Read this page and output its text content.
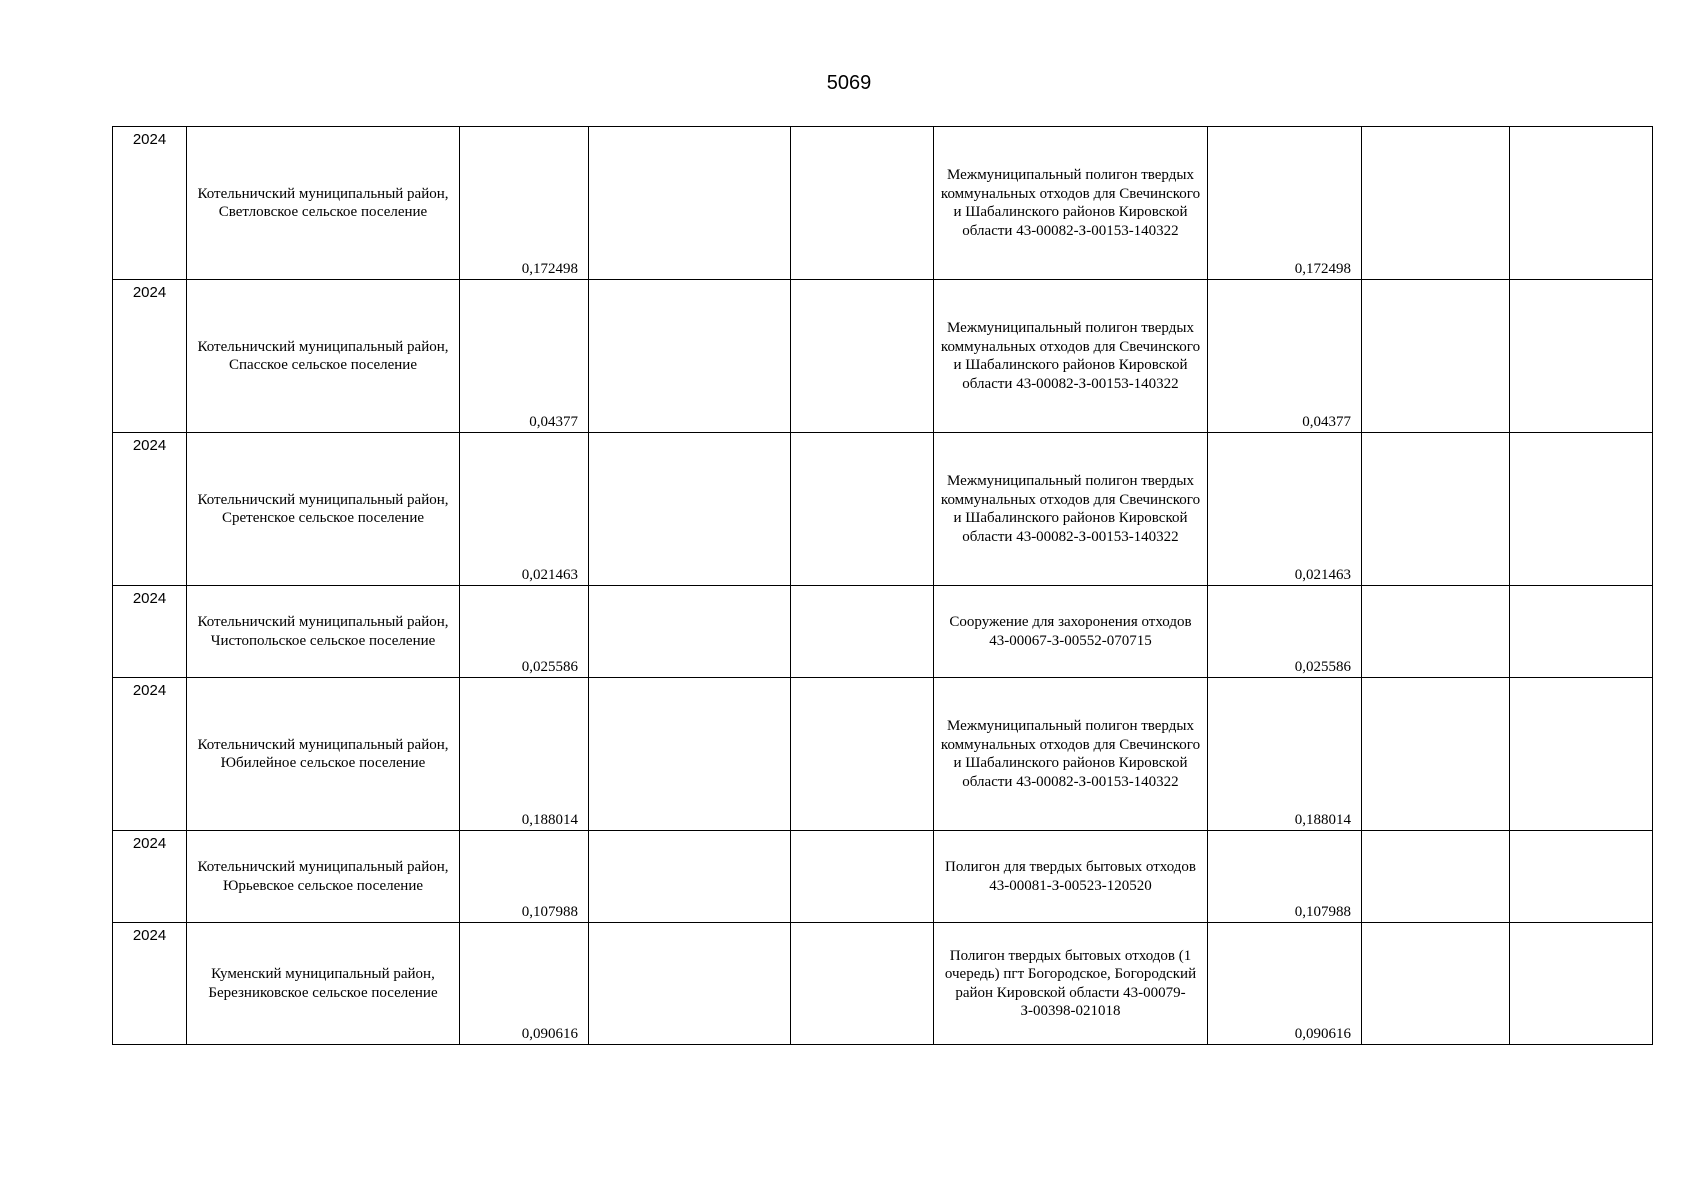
5069
2024	Котельничский муниципальный район, Светловское сельское поселение	0,172498			Межмуниципальный полигон твердых коммунальных отходов для Свечинского и Шабалинского районов Кировской области 43-00082-З-00153-140322	0,172498		

2024	Котельничский муниципальный район, Спасское сельское поселение	0,04377			Межмуниципальный полигон твердых коммунальных отходов для Свечинского и Шабалинского районов Кировской области 43-00082-З-00153-140322	0,04377		

2024	Котельничский муниципальный район, Сретенское сельское поселение	0,021463			Межмуниципальный полигон твердых коммунальных отходов для Свечинского и Шабалинского районов Кировской области 43-00082-З-00153-140322	0,021463		

2024	Котельничский муниципальный район, Чистопольское сельское поселение	0,025586			Сооружение для захоронения отходов 43-00067-З-00552-070715	0,025586		

2024	Котельничский муниципальный район, Юбилейное сельское поселение	0,188014			Межмуниципальный полигон твердых коммунальных отходов для Свечинского и Шабалинского районов Кировской области 43-00082-З-00153-140322	0,188014		

2024	Котельничский муниципальный район, Юрьевское сельское поселение	0,107988			Полигон для твердых бытовых отходов 43-00081-З-00523-120520	0,107988		

2024	Куменский муниципальный район, Березниковское сельское поселение	0,090616			Полигон твердых бытовых отходов (1 очередь) пгт Богородское, Богородский район Кировской области 43-00079-З-00398-021018	0,090616		
